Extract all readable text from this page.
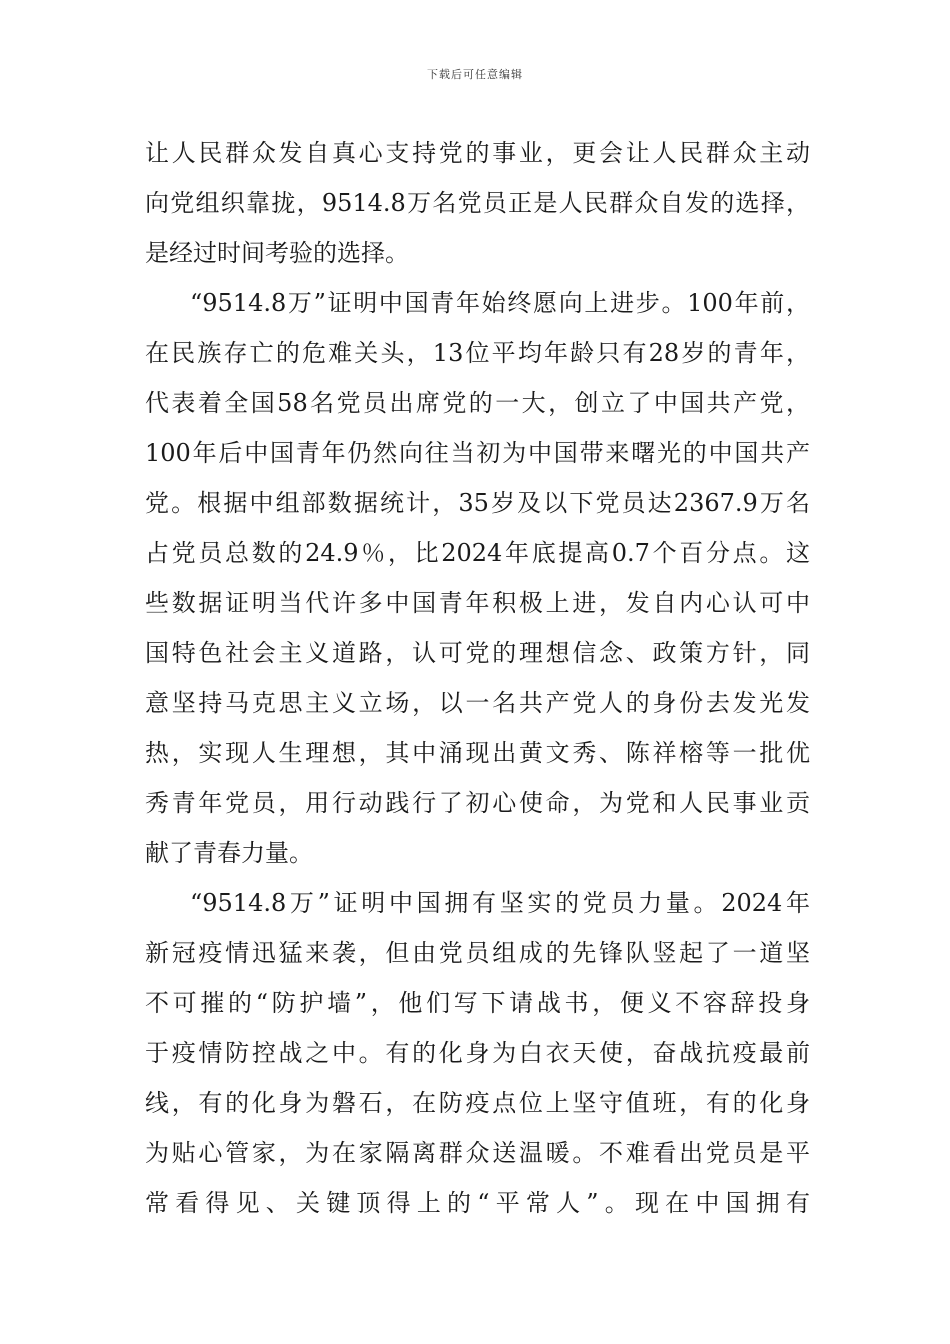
下载后可任意编辑
让人民群众发自真心支持党的事业，更会让人民群众主动
向党组织靠拢，9514.8万名党员正是人民群众自发的选择，
是经过时间考验的选择。
“9514.8万”证明中国青年始终愿向上进步。100年前，
在民族存亡的危难关头，13位平均年龄只有28岁的青年，
代表着全国58名党员出席党的一大，创立了中国共产党，
100年后中国青年仍然向往当初为中国带来曙光的中国共产
党。根据中组部数据统计，35岁及以下党员达2367.9万名
占党员总数的24.9％，比2024年底提高0.7个百分点。这
些数据证明当代许多中国青年积极上进，发自内心认可中
国特色社会主义道路，认可党的理想信念、政策方针，同
意坚持马克思主义立场，以一名共产党人的身份去发光发
热，实现人生理想，其中涌现出黄文秀、陈祥榕等一批优
秀青年党员，用行动践行了初心使命，为党和人民事业贡
献了青春力量。
“9514.8万”证明中国拥有坚实的党员力量。2024年
新冠疫情迅猛来袭，但由党员组成的先锋队竖起了一道坚
不可摧的“防护墙”，他们写下请战书，便义不容辞投身
于疫情防控战之中。有的化身为白衣天使，奋战抗疫最前
线，有的化身为磐石，在防疫点位上坚守值班，有的化身
为贴心管家，为在家隔离群众送温暖。不难看出党员是平
常看得见、关键顶得上的“平常人”。现在中国拥有
